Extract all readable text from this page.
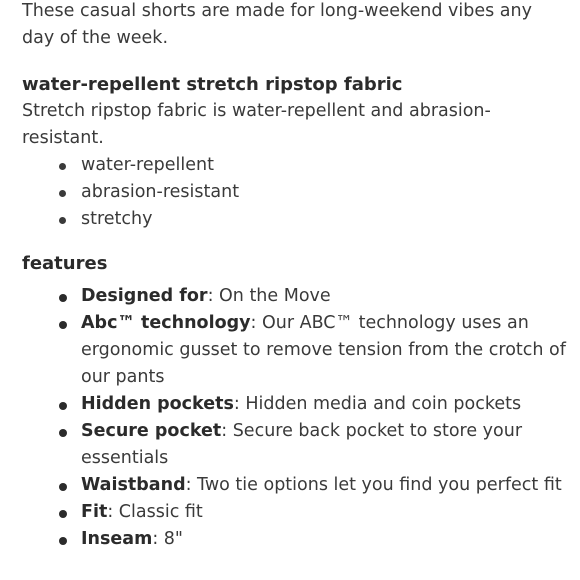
These casual shorts are made for long-weekend vibes any day of the week.

water-repellent stretch ripstop fabric

Stretch ripstop fabric is water-repellent and abrasion-resistant.

water-repellent
abrasion-resistant
stretchy
features
Designed for: On the Move
Abc™ technology: Our ABC™ technology uses an ergonomic gusset to remove tension from the crotch of our pants
Hidden pockets: Hidden media and coin pockets
Secure pocket: Secure back pocket to store your essentials
Waistband: Two tie options let you find you perfect fit
Fit: Classic fit
Inseam: 8"
